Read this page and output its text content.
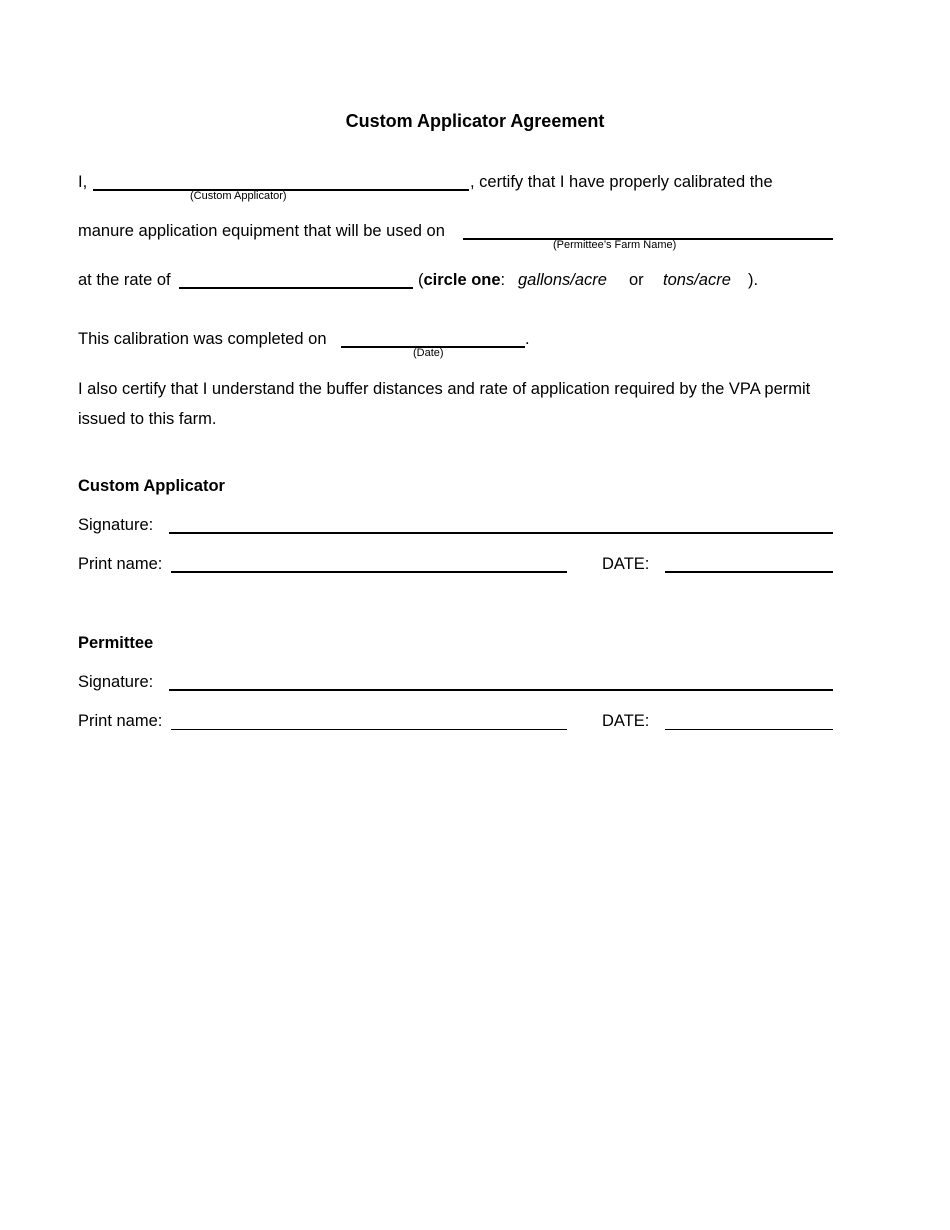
Custom Applicator Agreement
I,
(Custom Applicator)
, certify that I have properly calibrated the
manure application equipment that will be used on
(Permittee’s Farm Name)
at the rate of	(circle one: gallons/acre or tons/acre ).
This calibration was completed on
(Date)
.
I also certify that I understand the buffer distances and rate of application required by the VPA permit issued to this farm.
Custom Applicator
Signature:
Print name:	DATE:
Permittee
Signature:
Print name:	DATE:
